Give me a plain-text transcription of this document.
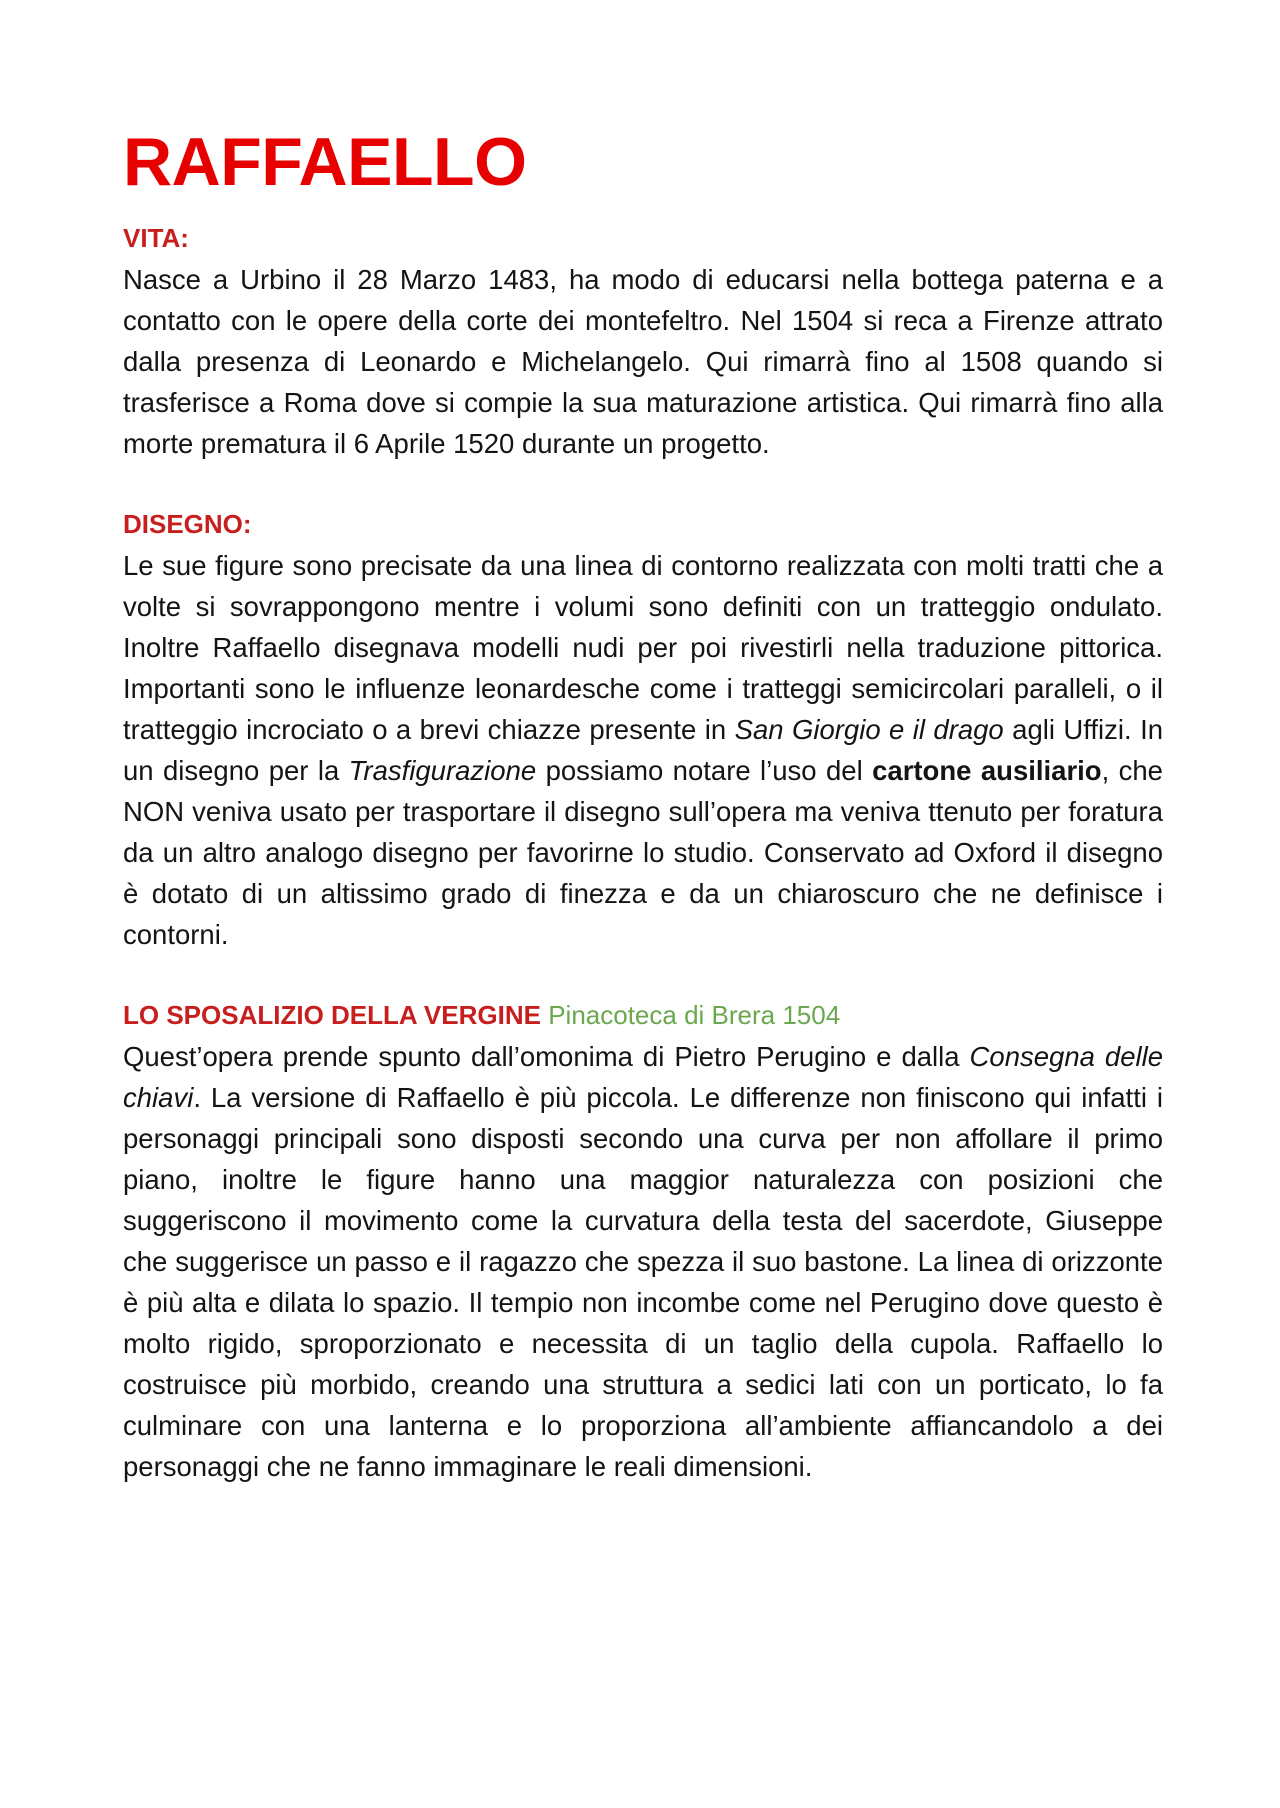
RAFFAELLO
VITA:

Nasce a Urbino il 28 Marzo 1483, ha modo di educarsi nella bottega paterna e a contatto con le opere della corte dei montefeltro. Nel 1504 si reca a Firenze attrato dalla presenza di Leonardo e Michelangelo. Qui rimarrà fino al 1508 quando si trasferisce a Roma dove si compie la sua maturazione artistica. Qui rimarrà fino alla morte prematura il 6 Aprile 1520 durante un progetto.

DISEGNO:

Le sue figure sono precisate da una linea di contorno realizzata con molti tratti che a volte si sovrappongono mentre i volumi sono definiti con un tratteggio ondulato. Inoltre Raffaello disegnava modelli nudi per poi rivestirli nella traduzione pittorica. Importanti sono le influenze leonardesche come i tratteggi semicircolari paralleli, o il tratteggio incrociato o a brevi chiazze presente in San Giorgio e il drago agli Uffizi. In un disegno per la Trasfigurazione possiamo notare l’uso del cartone ausiliario, che NON veniva usato per trasportare il disegno sull’opera ma veniva ttenuto per foratura da un altro analogo disegno per favorirne lo studio. Conservato ad Oxford il disegno è dotato di un altissimo grado di finezza e da un chiaroscuro che ne definisce i contorni.

LO SPOSALIZIO DELLA VERGINE Pinacoteca di Brera 1504

Quest’opera prende spunto dall’omonima di Pietro Perugino e dalla Consegna delle chiavi. La versione di Raffaello è più piccola. Le differenze non finiscono qui infatti i personaggi principali sono disposti secondo una curva per non affollare il primo piano, inoltre le figure hanno una maggior naturalezza con posizioni che suggeriscono il movimento come la curvatura della testa del sacerdote, Giuseppe che suggerisce un passo e il ragazzo che spezza il suo bastone. La linea di orizzonte è più alta e dilata lo spazio. Il tempio non incombe come nel Perugino dove questo è molto rigido, sproporzionato e necessita di un taglio della cupola. Raffaello lo costruisce più morbido, creando una struttura a sedici lati con un porticato, lo fa culminare con una lanterna e lo proporziona all’ambiente affiancandolo a dei personaggi che ne fanno immaginare le reali dimensioni.
